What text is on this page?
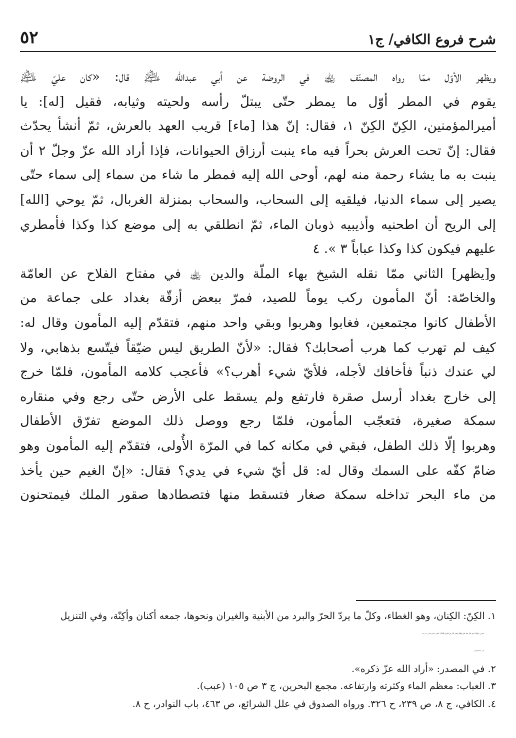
شرح فروع الكافي/ ج١
٥٢
ويظهر الأوّل ممّا رواه المصنّف ﵀ في الروضة عن أبي عبدالله ﵇ قال: «كان عليّ ﵇
يقوم في المطر أوّل ما يمطر حتّى يبتلّ رأسه ولحيته وثيابه، فقيل [له]: يا
أميرالمؤمنين، الكِنّ الكِنّ ١، فقال: إنّ هذا [ماء] قريب العهد بالعرش، ثمّ أنشأ يحدّث
فقال: إنّ تحت العرش بحراً فيه ماء ينبت أرزاق الحيوانات، فإذا أراد الله عزّ وجلّ ٢ أن
ينبت به ما يشاء رحمة منه لهم، أوحى الله إليه فمطر ما شاء من سماء إلى سماء حتّى
يصير إلى سماء الدنيا، فيلقيه إلى السحاب، والسحاب بمنزلة الغربال، ثمّ يوحي [الله]
إلى الريح أن اطحنيه وأذيبيه ذوبان الماء، ثمّ انطلقي به إلى موضع كذا وكذا فأمطري
عليهم فيكون كذا وكذا عباباً ٣ ». ٤
و[يظهر] الثاني ممّا نقله الشيخ بهاء الملّة والدين ﵀ في مفتاح الفلاح عن العامّة
والخاصّة: أنّ المأمون ركب يوماً للصيد، فمرّ ببعض أزقّة بغداد على جماعة من
الأطفال كانوا مجتمعين، فغابوا وهربوا وبقي واحد منهم، فتقدّم إليه المأمون وقال له:
كيف لم تهرب كما هرب أصحابك؟ فقال: «لأنّ الطريق ليس ضيّقاً فيتّسع بذهابي، ولا
لي عندك ذنباً فأخافك لأجله، فلأيّ شيء أهرب؟» فأعجب كلامه المأمون، فلمّا خرج
إلى خارج بغداد أرسل صقرة فارتفع ولم يسقط على الأرض حتّى رجع وفي منقاره
سمكة صغيرة، فتعجّب المأمون، فلمّا رجع ووصل ذلك الموضع تفرّق الأطفال
وهربوا إلّا ذلك الطفل، فبقي في مكانه كما في المرّة الأُولى، فتقدّم إليه المأمون وهو
ضامّ كفّه على السمك وقال له: قل أيّ شيء في يدي؟ فقال: «إنّ الغيم حين يأخذ
من ماء البحر تداخله سمكة صغار فتسقط منها فتصطادها صقور الملك فيمتحنون
١. الكِنّ: الكِنان، وهو الغطاء، وكلّ ما يردّ الحرّ والبرد من الأبنية والغيران ونحوها، جمعه أكنان وأكِنّة، وفي التنزيل
العزيز: ﴿وَاللَّهُ جَعَلَ لَكُم مِّمَّا خَلَقَ ظِلَالًا وَجَعَلَ لَكُم مِّنَ الْجِبَالِ أَكْنَانًا﴾. أنظر: لسان العرب، ج ١٣،
ص ٣٦٠ (كنن).
٢. في المصدر: «أراد الله عزّ ذكره».
٣. العباب: معظم الماء وكثرته وارتفاعه. مجمع البحرين، ج ٣ ص ١٠٥ (عبب).
٤. الكافي، ج ٨، ص ٢٣٩، ح ٣٢٦. ورواه الصدوق في علل الشرائع، ص ٤٦٣، باب النوادر، ح ٨.
